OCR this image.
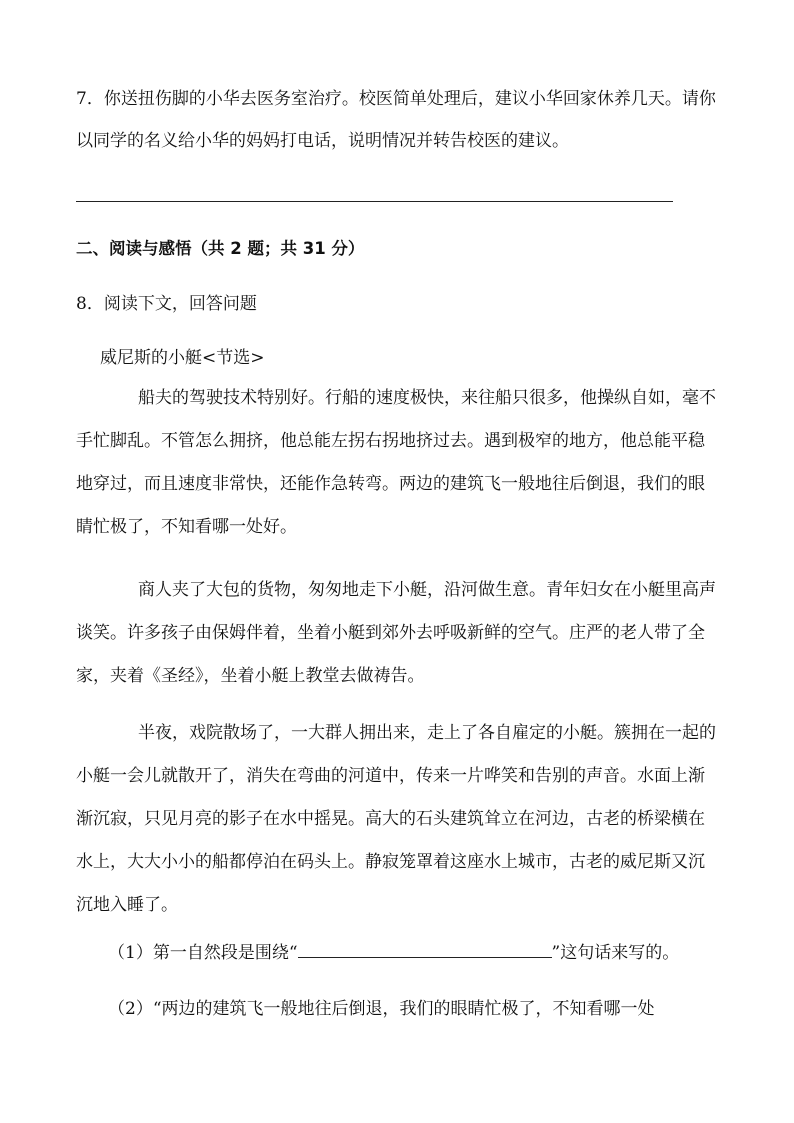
7．你送扭伤脚的小华去医务室治疗。校医简单处理后，建议小华回家休养几天。请你以同学的名义给小华的妈妈打电话，说明情况并转告校医的建议。

二、阅读与感悟（共 2 题；共 31 分）

8．阅读下文，回答问题

威尼斯的小艇<节选>

船夫的驾驶技术特别好。行船的速度极快，来往船只很多，他操纵自如，毫不手忙脚乱。不管怎么拥挤，他总能左拐右拐地挤过去。遇到极窄的地方，他总能平稳地穿过，而且速度非常快，还能作急转弯。两边的建筑飞一般地往后倒退，我们的眼睛忙极了，不知看哪一处好。

商人夹了大包的货物，匆匆地走下小艇，沿河做生意。青年妇女在小艇里高声谈笑。许多孩子由保姆伴着，坐着小艇到郊外去呼吸新鲜的空气。庄严的老人带了全家，夹着《圣经》，坐着小艇上教堂去做祷告。

半夜，戏院散场了，一大群人拥出来，走上了各自雇定的小艇。簇拥在一起的小艇一会儿就散开了，消失在弯曲的河道中，传来一片哗笑和告别的声音。水面上渐渐沉寂，只见月亮的影子在水中摇晃。高大的石头建筑耸立在河边，古老的桥梁横在水上，大大小小的船都停泊在码头上。静寂笼罩着这座水上城市，古老的威尼斯又沉沉地入睡了。

（1）第一自然段是围绕“	”这句话来写的。

（2）“两边的建筑飞一般地往后倒退，我们的眼睛忙极了，不知看哪一处
